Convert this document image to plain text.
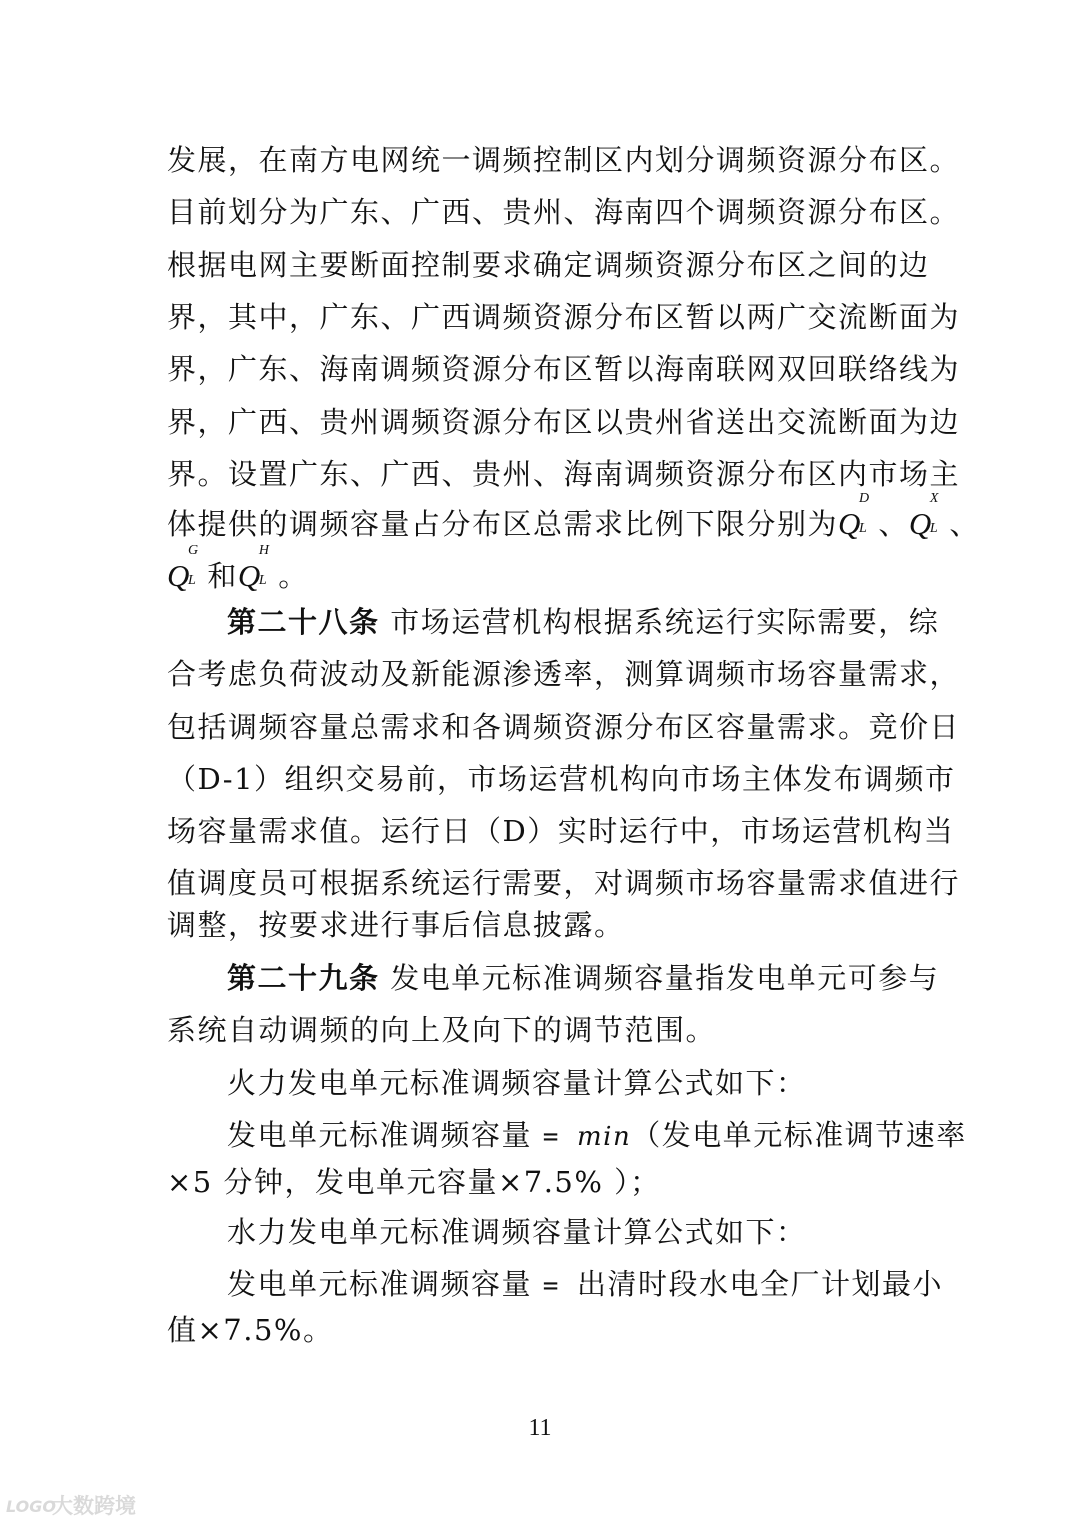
发展，在南方电网统一调频控制区内划分调频资源分布区。
目前划分为广东、广西、贵州、海南四个调频资源分布区。
根据电网主要断面控制要求确定调频资源分布区之间的边
界，其中，广东、广西调频资源分布区暂以两广交流断面为
界，广东、海南调频资源分布区暂以海南联网双回联络线为
界，广西、贵州调频资源分布区以贵州省送出交流断面为边
界。设置广东、广西、贵州、海南调频资源分布区内市场主
体提供的调频容量占分布区总需求比例下限分别为Q
D
L 、Q
X
L 、
Q
G
L 和Q
H
L 。
第二十八条 市场运营机构根据系统运行实际需要，综
合考虑负荷波动及新能源渗透率，测算调频市场容量需求，
包括调频容量总需求和各调频资源分布区容量需求。竞价日
（D-1）组织交易前，市场运营机构向市场主体发布调频市
场容量需求值。运行日（D）实时运行中，市场运营机构当
值调度员可根据系统运行需要，对调频市场容量需求值进行
调整，按要求进行事后信息披露。
第二十九条 发电单元标准调频容量指发电单元可参与
系统自动调频的向上及向下的调节范围。
火力发电单元标准调频容量计算公式如下：
发电单元标准调频容量 = min（发电单元标准调节速率
×5 分钟，发电单元容量×7.5% ）；
水力发电单元标准调频容量计算公式如下：
发电单元标准调频容量 = 出清时段水电全厂计划最小
值×7.5%。
11
LOGO
大数跨境
